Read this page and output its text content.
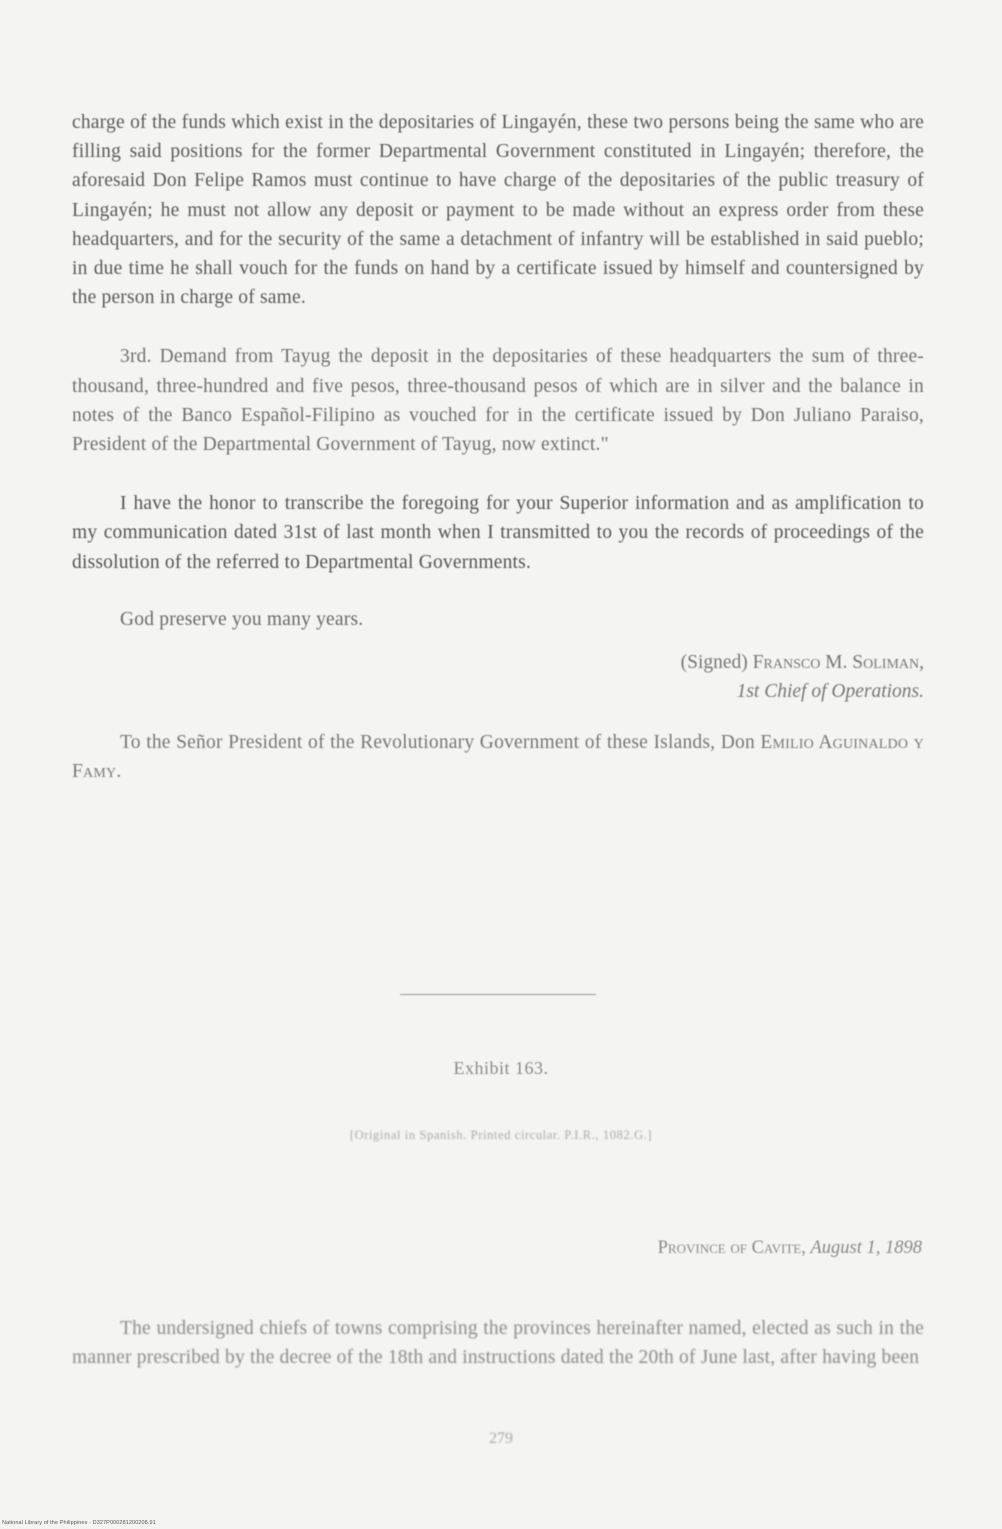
charge of the funds which exist in the depositaries of Lingayén, these two persons being the same who are filling said positions for the former Departmental Government constituted in Lingayén; therefore, the aforesaid Don Felipe Ramos must continue to have charge of the depositaries of the public treasury of Lingayén; he must not allow any deposit or payment to be made without an express order from these headquarters, and for the security of the same a detachment of infantry will be established in said pueblo; in due time he shall vouch for the funds on hand by a certificate issued by himself and countersigned by the person in charge of same.

3rd. Demand from Tayug the deposit in the depositaries of these headquarters the sum of three-thousand, three-hundred and five pesos, three-thousand pesos of which are in silver and the balance in notes of the Banco Español-Filipino as vouched for in the certificate issued by Don Juliano Paraiso, President of the Departmental Government of Tayug, now extinct."

I have the honor to transcribe the foregoing for your Superior information and as amplification to my communication dated 31st of last month when I transmitted to you the records of proceedings of the dissolution of the referred to Departmental Governments.

God preserve you many years.

(Signed) Fransco M. Soliman,
1st Chief of Operations.

To the Señor President of the Revolutionary Government of these Islands, Don Emilio Aguinaldo y Famy.

Exhibit 163.
[Original in Spanish. Printed circular. P.I.R., 1082.G.]
Province of Cavite, August 1, 1898

The undersigned chiefs of towns comprising the provinces hereinafter named, elected as such in the manner prescribed by the decree of the 18th and instructions dated the 20th of June last, after having been

279
National Library of the Philippines · D327P000281200208.91
